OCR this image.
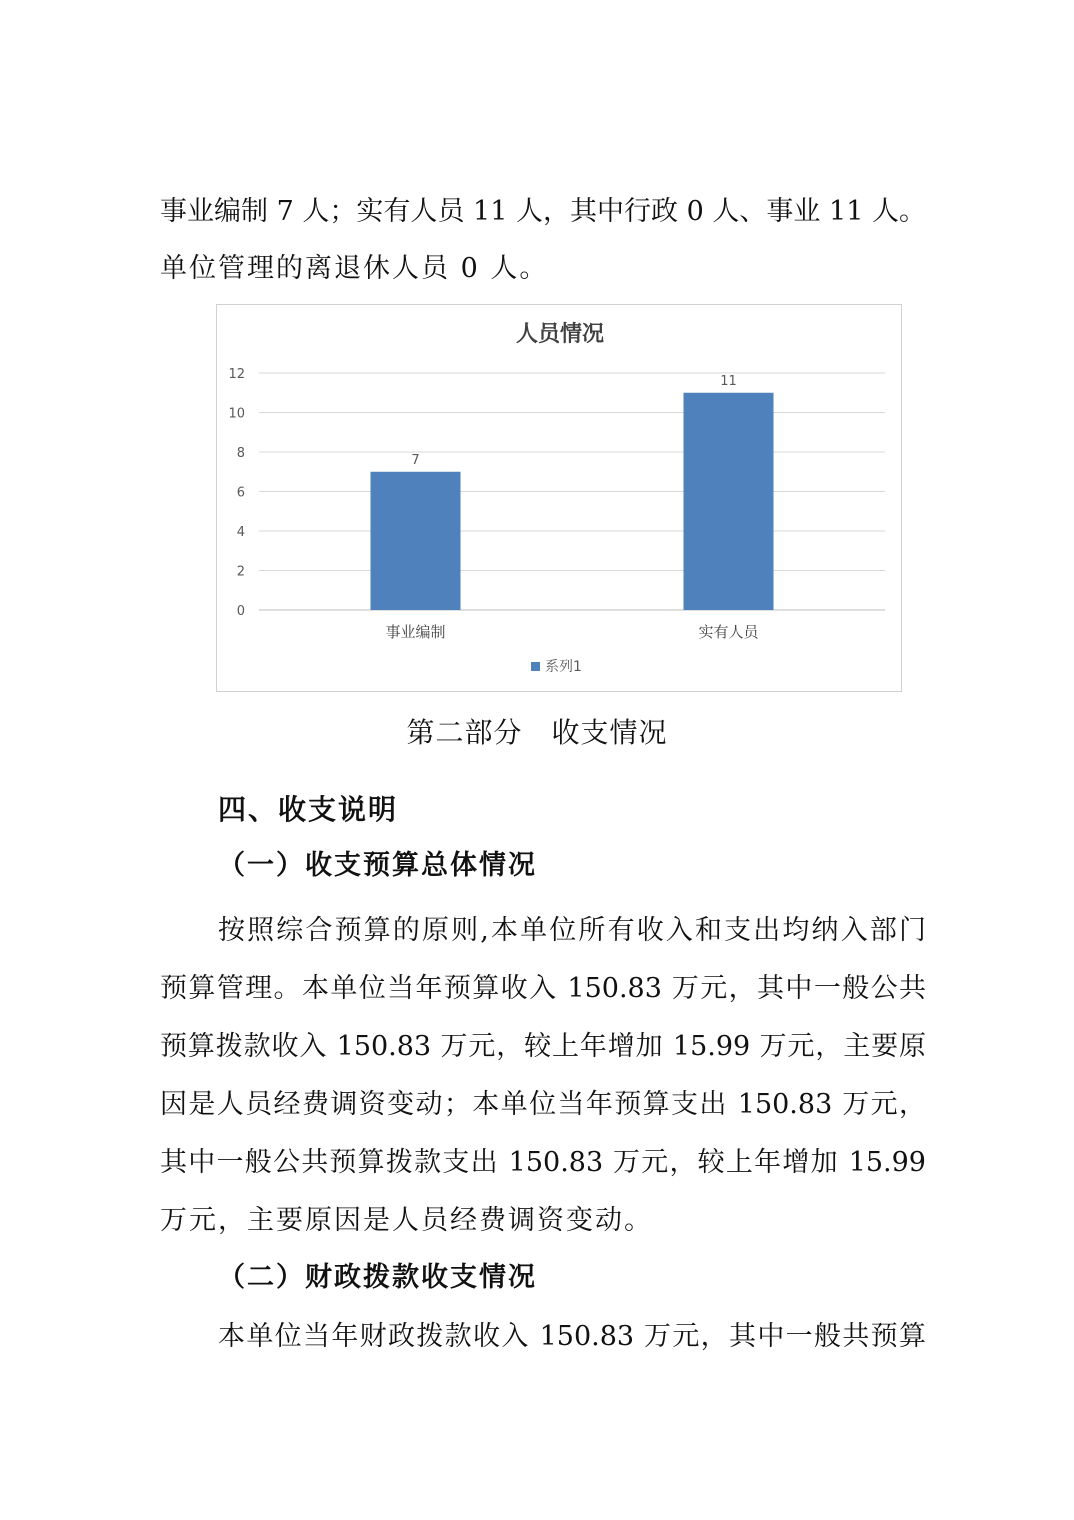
事业编制 7 人；实有人员 11 人，其中行政 0 人、事业 11 人。
单位管理的离退休人员 0 人。
人员情况
0
2
4
6
8
10
12
7
事业编制
11
实有人员
系列1
第二部分　收支情况
四、收支说明
（一）收支预算总体情况
按照综合预算的原则,本单位所有收入和支出均纳入部门
预算管理。本单位当年预算收入 150.83 万元，其中一般公共
预算拨款收入 150.83 万元，较上年增加 15.99 万元，主要原
因是人员经费调资变动；本单位当年预算支出 150.83 万元，
其中一般公共预算拨款支出 150.83 万元，较上年增加 15.99
万元，主要原因是人员经费调资变动。
（二）财政拨款收支情况
本单位当年财政拨款收入 150.83 万元，其中一般共预算
